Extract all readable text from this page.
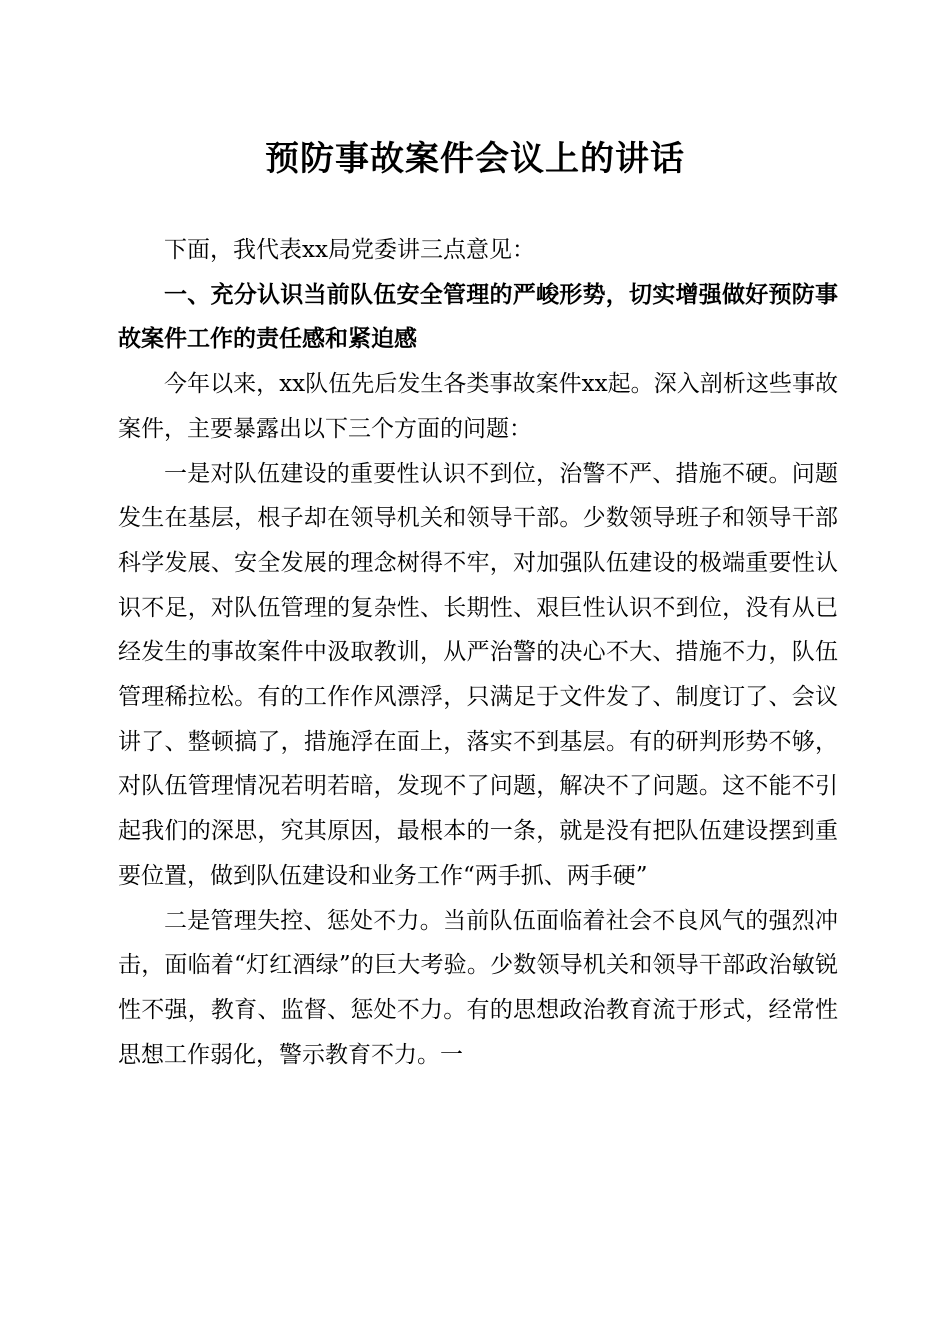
预防事故案件会议上的讲话

下面，我代表xx局党委讲三点意见：

一、充分认识当前队伍安全管理的严峻形势，切实增强做好预防事故案件工作的责任感和紧迫感

今年以来，xx队伍先后发生各类事故案件xx起。深入剖析这些事故案件，主要暴露出以下三个方面的问题：

一是对队伍建设的重要性认识不到位，治警不严、措施不硬。问题发生在基层，根子却在领导机关和领导干部。少数领导班子和领导干部科学发展、安全发展的理念树得不牢，对加强队伍建设的极端重要性认识不足，对队伍管理的复杂性、长期性、艰巨性认识不到位，没有从已经发生的事故案件中汲取教训，从严治警的决心不大、措施不力，队伍管理稀拉松。有的工作作风漂浮，只满足于文件发了、制度订了、会议讲了、整顿搞了，措施浮在面上，落实不到基层。有的研判形势不够，对队伍管理情况若明若暗，发现不了问题，解决不了问题。这不能不引起我们的深思，究其原因，最根本的一条，就是没有把队伍建设摆到重要位置，做到队伍建设和业务工作“两手抓、两手硬”

二是管理失控、惩处不力。当前队伍面临着社会不良风气的强烈冲击，面临着“灯红酒绿”的巨大考验。少数领导机关和领导干部政治敏锐性不强，教育、监督、惩处不力。有的思想政治教育流于形式，经常性思想工作弱化，警示教育不力。一
